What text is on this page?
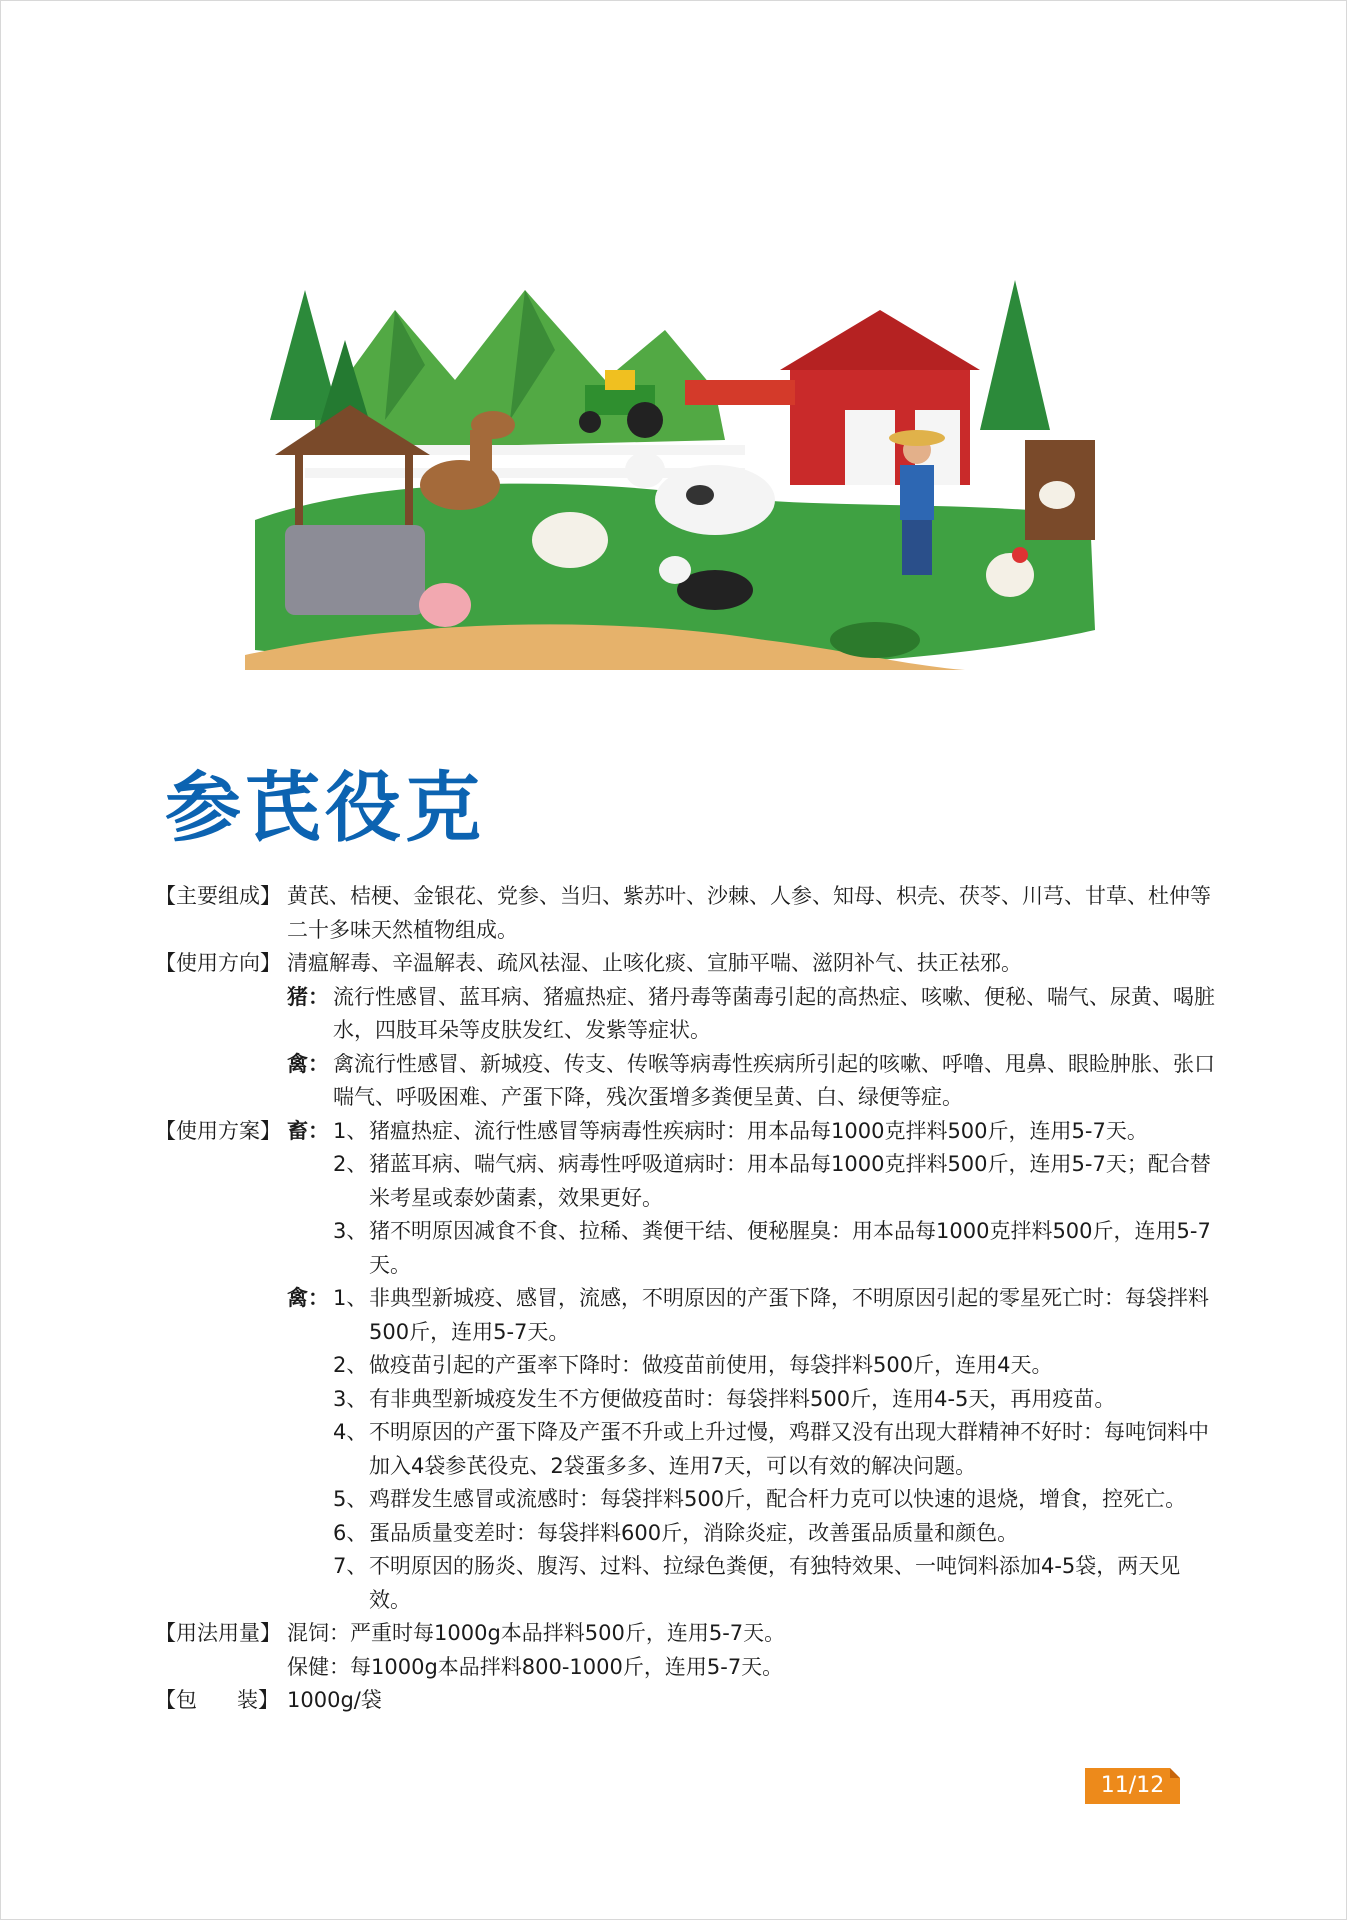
参芪役克
【主要组成】 黄芪、桔梗、金银花、党参、当归、紫苏叶、沙棘、人参、知母、枳壳、茯苓、川芎、甘草、杜仲等二十多味天然植物组成。
【使用方向】 清瘟解毒、辛温解表、疏风祛湿、止咳化痰、宣肺平喘、滋阴补气、扶正祛邪。
猪： 流行性感冒、蓝耳病、猪瘟热症、猪丹毒等菌毒引起的高热症、咳嗽、便秘、喘气、尿黄、喝脏水，四肢耳朵等皮肤发红、发紫等症状。
禽： 禽流行性感冒、新城疫、传支、传喉等病毒性疾病所引起的咳嗽、呼噜、甩鼻、眼睑肿胀、张口喘气、呼吸困难、产蛋下降，残次蛋增多粪便呈黄、白、绿便等症。
【使用方案】 畜： 1、 猪瘟热症、流行性感冒等病毒性疾病时：用本品每1000克拌料500斤，连用5-7天。
2、 猪蓝耳病、喘气病、病毒性呼吸道病时：用本品每1000克拌料500斤，连用5-7天；配合替米考星或泰妙菌素，效果更好。
3、 猪不明原因减食不食、拉稀、粪便干结、便秘腥臭：用本品每1000克拌料500斤，连用5-7天。
禽： 1、 非典型新城疫、感冒，流感，不明原因的产蛋下降，不明原因引起的零星死亡时：每袋拌料500斤，连用5-7天。
2、 做疫苗引起的产蛋率下降时：做疫苗前使用，每袋拌料500斤，连用4天。
3、 有非典型新城疫发生不方便做疫苗时：每袋拌料500斤，连用4-5天，再用疫苗。
4、 不明原因的产蛋下降及产蛋不升或上升过慢，鸡群又没有出现大群精神不好时：每吨饲料中加入4袋参芪役克、2袋蛋多多、连用7天，可以有效的解决问题。
5、 鸡群发生感冒或流感时：每袋拌料500斤，配合杆力克可以快速的退烧，增食，控死亡。
6、 蛋品质量变差时：每袋拌料600斤，消除炎症，改善蛋品质量和颜色。
7、 不明原因的肠炎、腹泻、过料、拉绿色粪便，有独特效果、一吨饲料添加4-5袋，两天见效。
【用法用量】 混饲：严重时每1000g本品拌料500斤，连用5-7天。
保健：每1000g本品拌料800-1000斤，连用5-7天。
【包      装】 1000g/袋
11/12
